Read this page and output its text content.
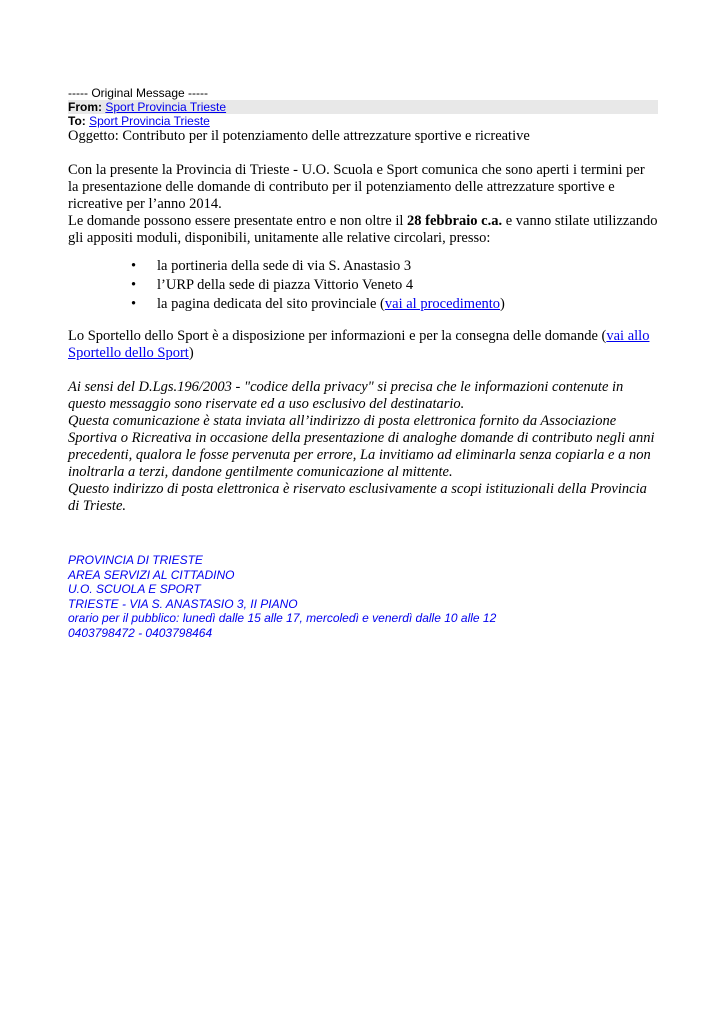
----- Original Message -----
From: Sport Provincia Trieste
To: Sport Provincia Trieste
Oggetto: Contributo per il potenziamento delle attrezzature sportive e ricreative

Con la presente la Provincia di Trieste - U.O. Scuola e Sport comunica che sono aperti i termini per la presentazione delle domande di contributo per il potenziamento delle attrezzature sportive e ricreative per l’anno 2014.

Le domande possono essere presentate entro e non oltre il 28 febbraio c.a. e vanno stilate utilizzando gli appositi moduli, disponibili, unitamente alle relative circolari, presso:

• la portineria della sede di via S. Anastasio 3
• l’URP della sede di piazza Vittorio Veneto 4
• la pagina dedicata del sito provinciale (vai al procedimento)
Lo Sportello dello Sport è a disposizione per informazioni e per la consegna delle domande (vai allo Sportello dello Sport)

Ai sensi del D.Lgs.196/2003 - "codice della privacy" si precisa che le informazioni contenute in questo messaggio sono riservate ed a uso esclusivo del destinatario.

Questa comunicazione è stata inviata all’indirizzo di posta elettronica fornito da Associazione Sportiva o Ricreativa in occasione della presentazione di analoghe domande di contributo negli anni precedenti, qualora le fosse pervenuta per errore, La invitiamo ad eliminarla senza copiarla e a non inoltrarla a terzi, dandone gentilmente comunicazione al mittente.

Questo indirizzo di posta elettronica è riservato esclusivamente a scopi istituzionali della Provincia di Trieste.

PROVINCIA DI TRIESTE
AREA SERVIZI AL CITTADINO
U.O. SCUOLA E SPORT
TRIESTE - VIA S. ANASTASIO 3, II PIANO
orario per il pubblico: lunedì dalle 15 alle 17, mercoledì e venerdì dalle 10 alle 12
0403798472 - 0403798464
